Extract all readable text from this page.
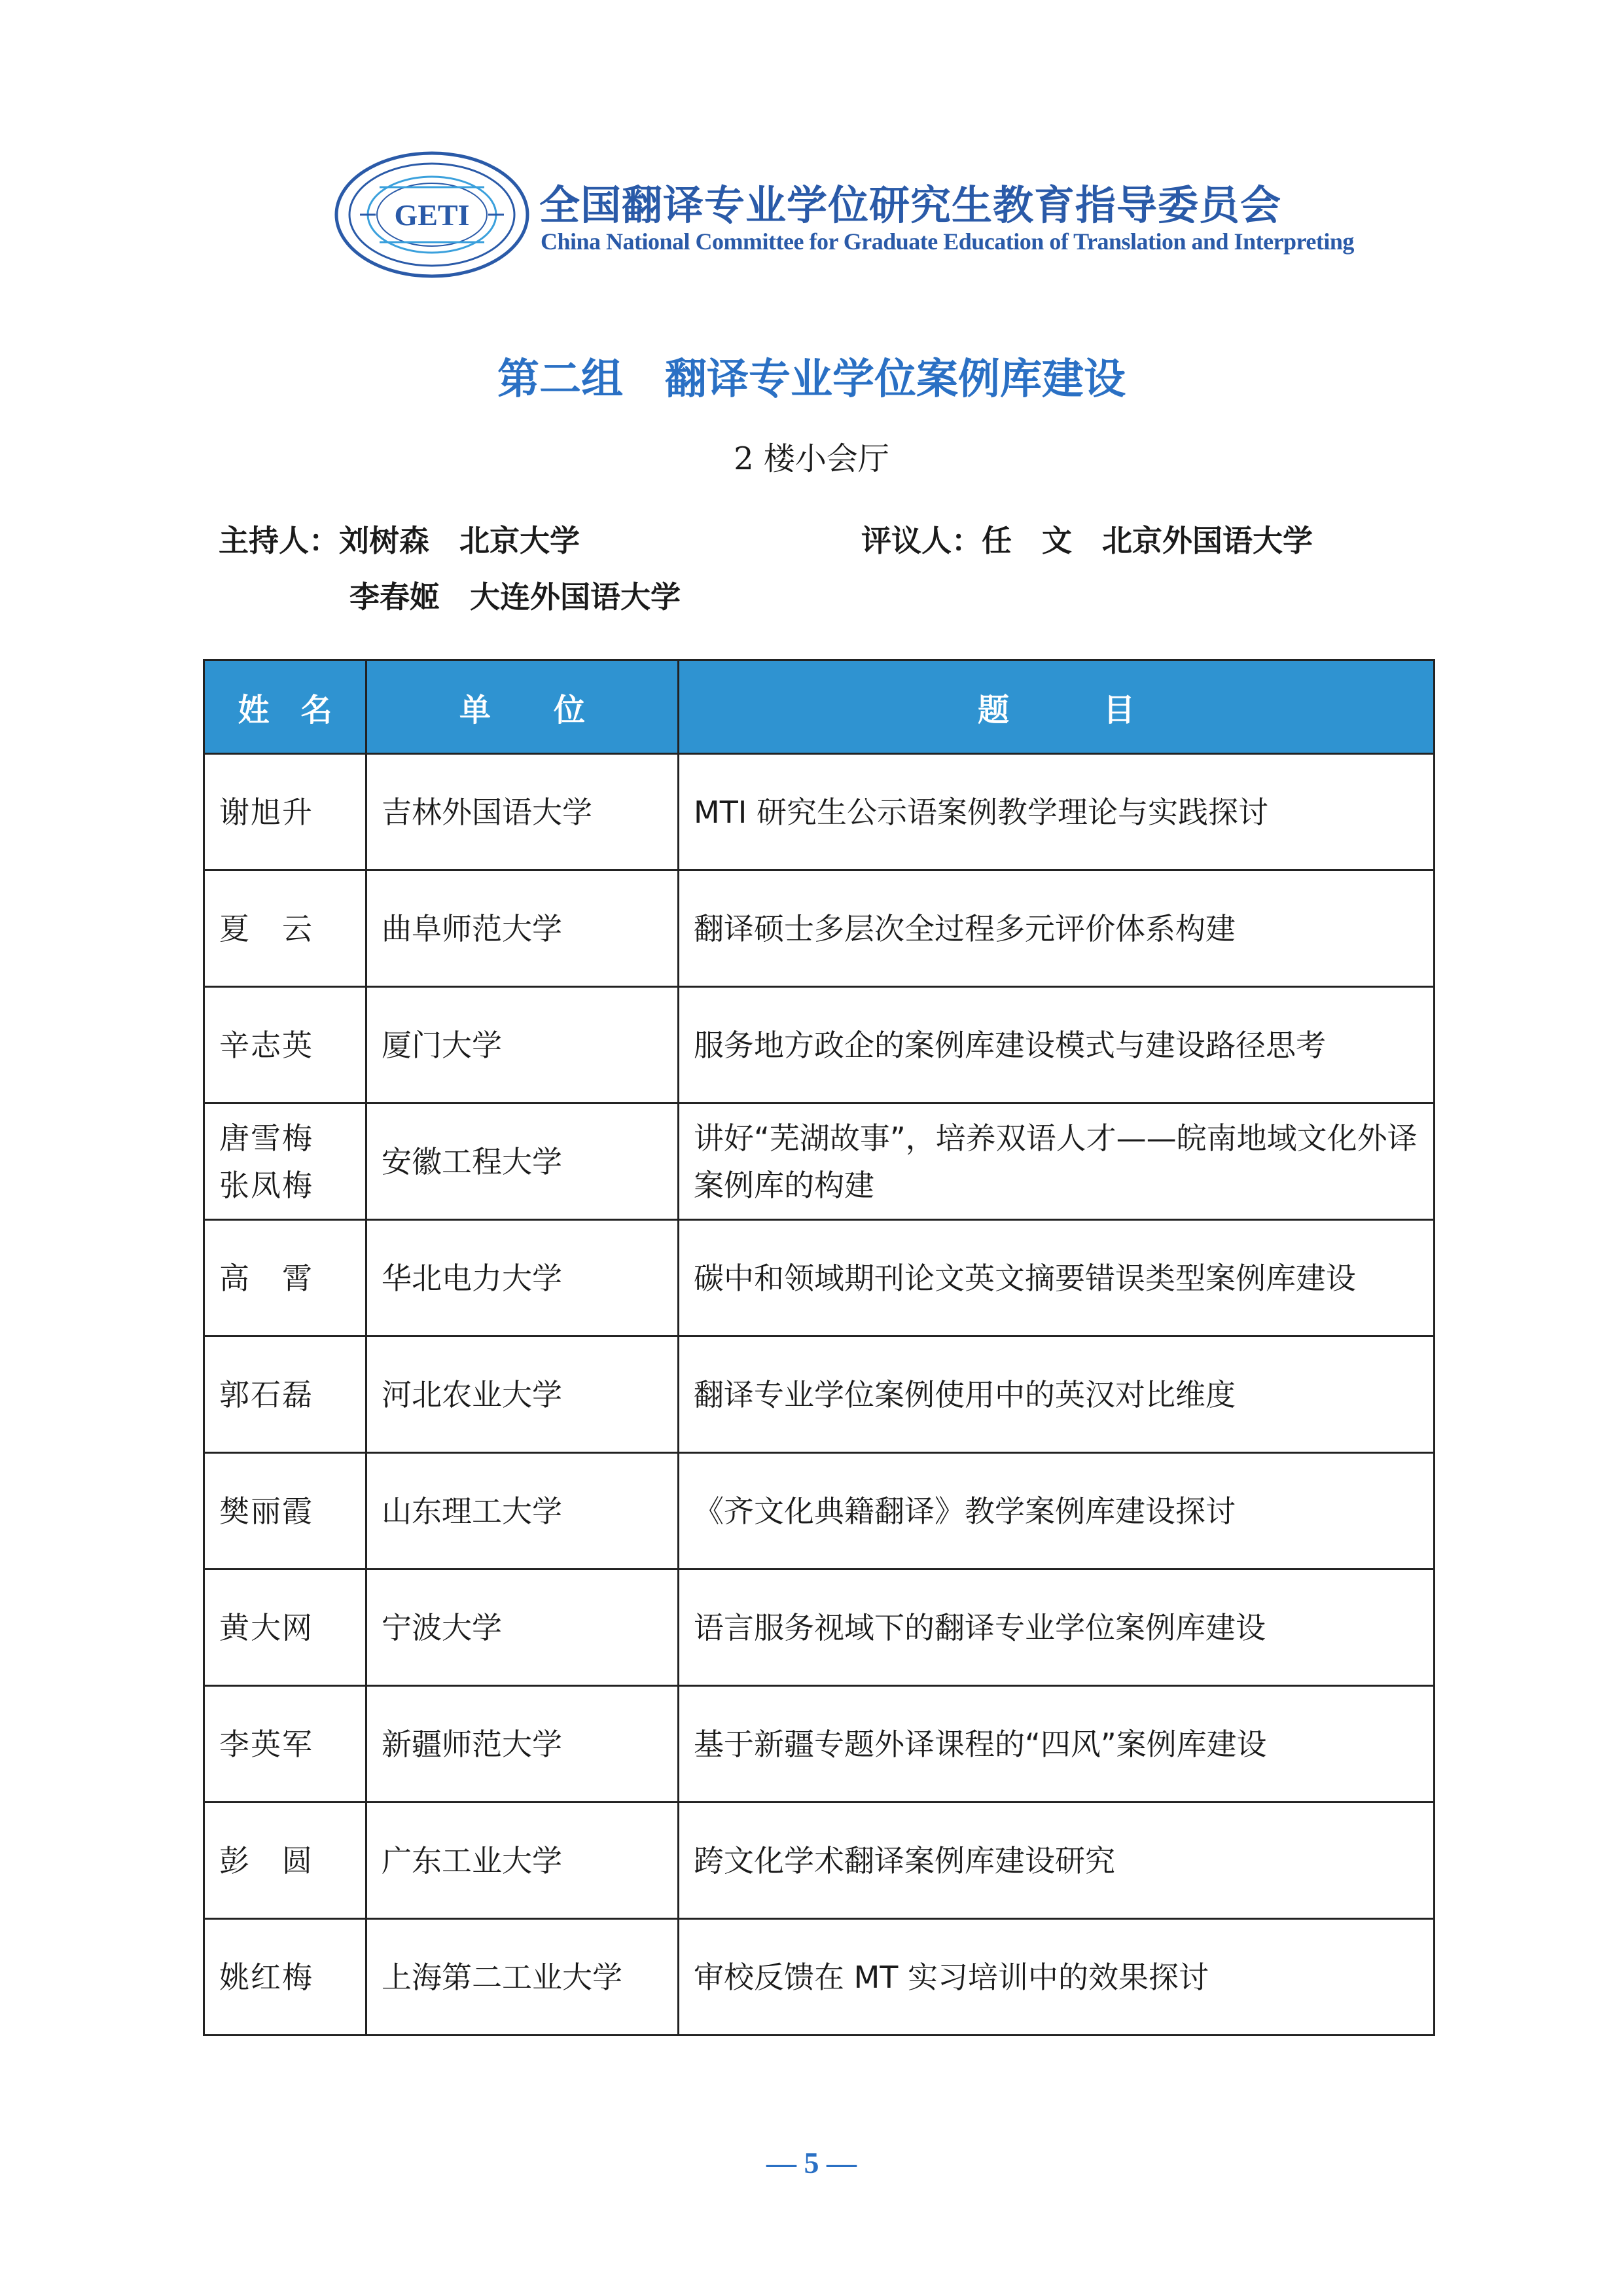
GETI 全国翻译专业学位研究生教育指导委员会
China National Committee for Graduate Education of Translation and Interpreting
第二组　翻译专业学位案例库建设
2 楼小会厅
主持人：刘树森　北京大学
李春姬　大连外国语大学
评议人：任　文　北京外国语大学
姓　名	单　　位	题　　　目
谢旭升	吉林外国语大学	MTI 研究生公示语案例教学理论与实践探讨
夏　云	曲阜师范大学	翻译硕士多层次全过程多元评价体系构建
辛志英	厦门大学	服务地方政企的案例库建设模式与建设路径思考
唐雪梅
张凤梅	安徽工程大学	讲好“芜湖故事”，培养双语人才——皖南地域文化外译案例库的构建
高　霄	华北电力大学	碳中和领域期刊论文英文摘要错误类型案例库建设
郭石磊	河北农业大学	翻译专业学位案例使用中的英汉对比维度
樊丽霞	山东理工大学	《齐文化典籍翻译》教学案例库建设探讨
黄大网	宁波大学	语言服务视域下的翻译专业学位案例库建设
李英军	新疆师范大学	基于新疆专题外译课程的“四风”案例库建设
彭　圆	广东工业大学	跨文化学术翻译案例库建设研究
姚红梅	上海第二工业大学	审校反馈在 MT 实习培训中的效果探讨
— 5 —
